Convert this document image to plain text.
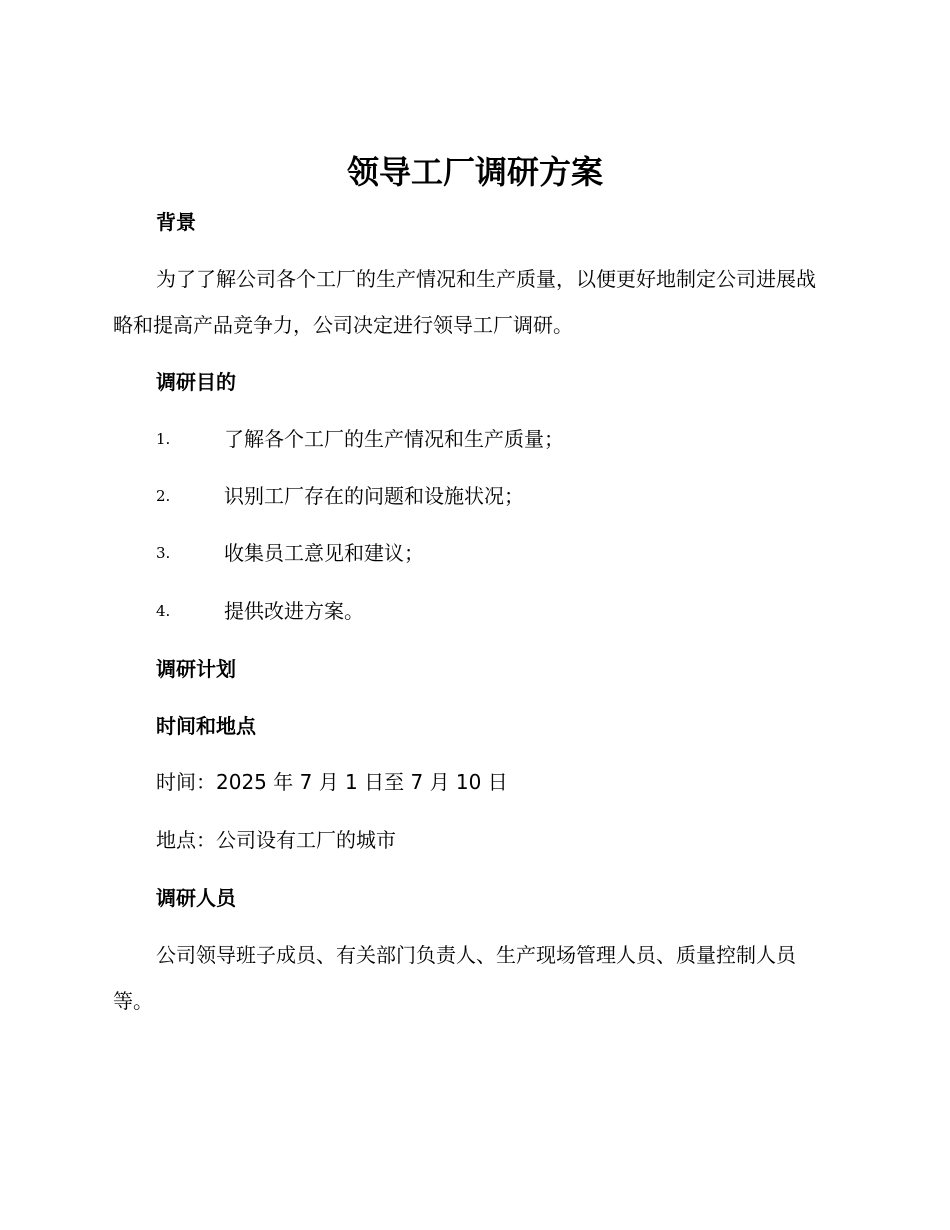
领导工厂调研方案
背景

为了了解公司各个工厂的生产情况和生产质量，以便更好地制定公司进展战略和提高产品竞争力，公司决定进行领导工厂调研。

调研目的
1.	了解各个工厂的生产情况和生产质量；
2.	识别工厂存在的问题和设施状况；
3.	收集员工意见和建议；
4.	提供改进方案。
调研计划
时间和地点

时间：2025 年 7 月 1 日至 7 月 10 日

地点：公司设有工厂的城市

调研人员

公司领导班子成员、有关部门负责人、生产现场管理人员、质量控制人员等。
